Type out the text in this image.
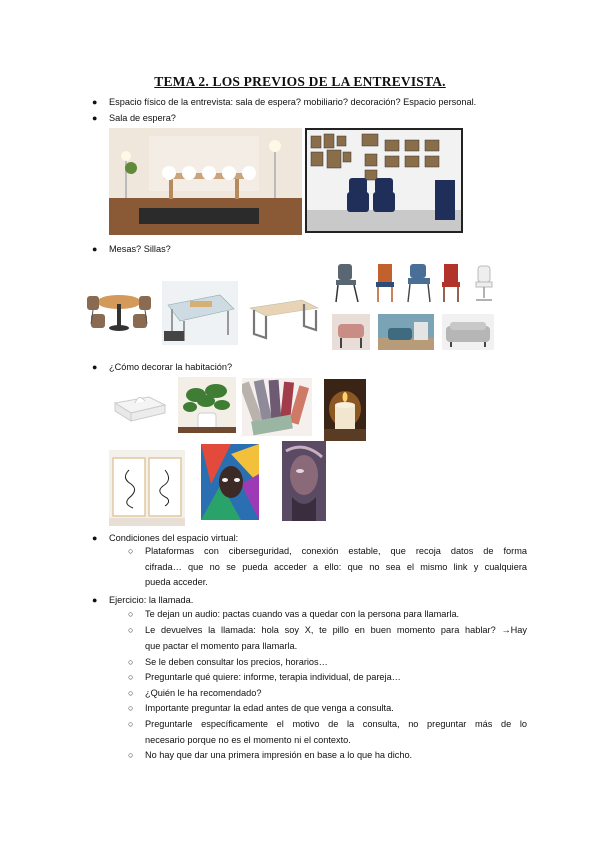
TEMA 2. LOS PREVIOS DE LA ENTREVISTA.
● Espacio físico de la entrevista: sala de espera? mobiliario? decoración? Espacio personal.
● Sala de espera?
● Mesas? Sillas?
● ¿Cómo decorar la habitación?
● Condiciones del espacio virtual:
○ Plataformas con ciberseguridad, conexión estable, que recoja datos de forma
cifrada… que no se pueda acceder a ello: que no sea el mismo link y cualquiera
pueda acceder.
● Ejercicio: la llamada.
○ Te dejan un audio: pactas cuando vas a quedar con la persona para llamarla.
○ Le devuelves la llamada: hola soy X, te pillo en buen momento para hablar? →Hay
que pactar el momento para llamarla.
○ Se le deben consultar los precios, horarios…
○ Preguntarle qué quiere: informe, terapia individual, de pareja…
○ ¿Quién le ha recomendado?
○ Importante preguntar la edad antes de que venga a consulta.
○ Preguntarle específicamente el motivo de la consulta, no preguntar más de lo
necesario porque no es el momento ni el contexto.
○ No hay que dar una primera impresión en base a lo que ha dicho.
